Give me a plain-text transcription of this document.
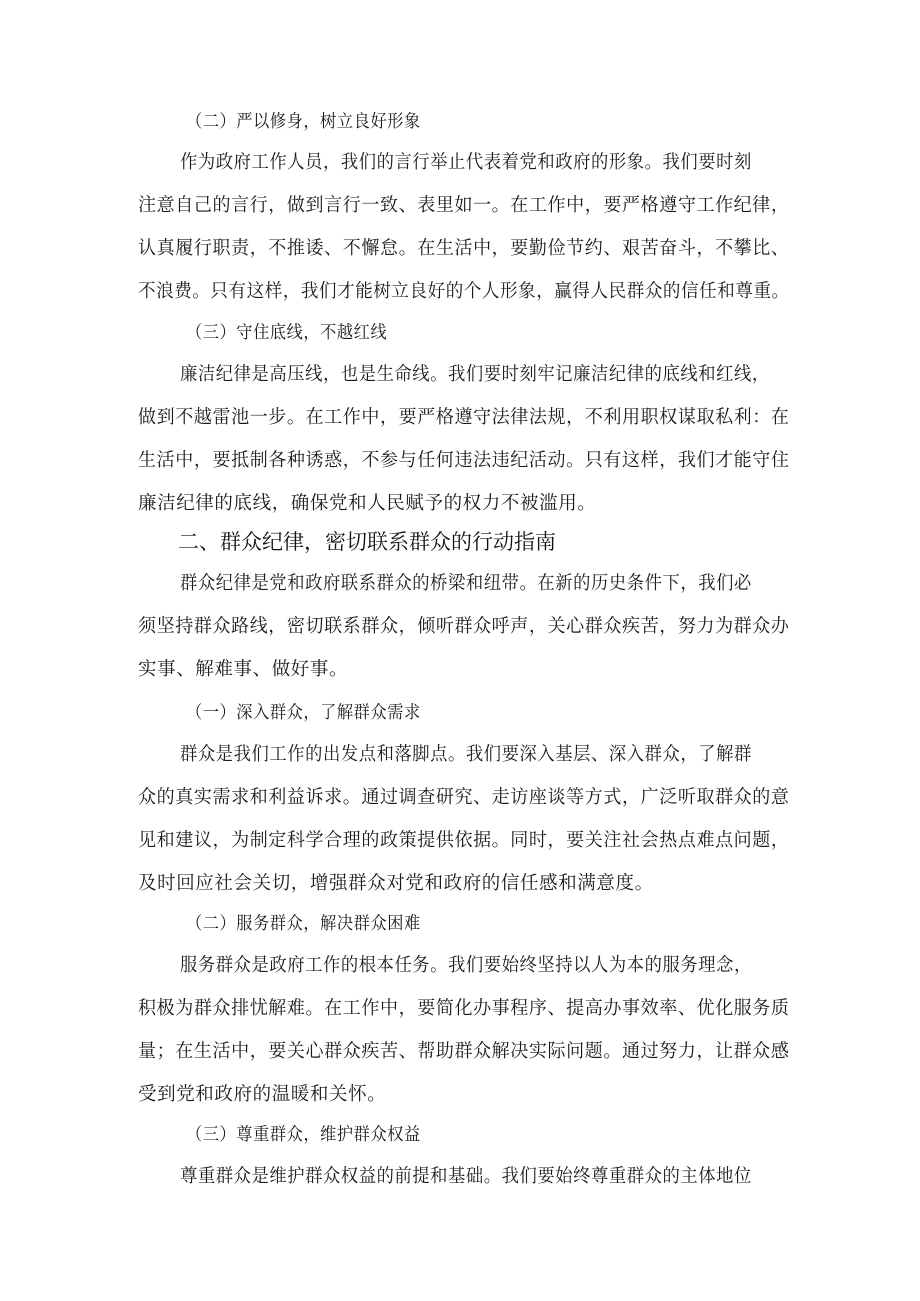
（二）严以修身，树立良好形象
作为政府工作人员，我们的言行举止代表着党和政府的形象。我们要时刻
注意自己的言行，做到言行一致、表里如一。在工作中，要严格遵守工作纪律，
认真履行职责，不推诿、不懈怠。在生活中，要勤俭节约、艰苦奋斗，不攀比、
不浪费。只有这样，我们才能树立良好的个人形象，赢得人民群众的信任和尊重。
（三）守住底线，不越红线
廉洁纪律是高压线，也是生命线。我们要时刻牢记廉洁纪律的底线和红线，
做到不越雷池一步。在工作中，要严格遵守法律法规，不利用职权谋取私利：在
生活中，要抵制各种诱惑，不参与任何违法违纪活动。只有这样，我们才能守住
廉洁纪律的底线，确保党和人民赋予的权力不被滥用。
二、群众纪律，密切联系群众的行动指南
群众纪律是党和政府联系群众的桥梁和纽带。在新的历史条件下，我们必
须坚持群众路线，密切联系群众，倾听群众呼声，关心群众疾苦，努力为群众办
实事、解难事、做好事。
（一）深入群众，了解群众需求
群众是我们工作的出发点和落脚点。我们要深入基层、深入群众，了解群
众的真实需求和利益诉求。通过调查研究、走访座谈等方式，广泛听取群众的意
见和建议，为制定科学合理的政策提供依据。同时，要关注社会热点难点问题，
及时回应社会关切，增强群众对党和政府的信任感和满意度。
（二）服务群众，解决群众困难
服务群众是政府工作的根本任务。我们要始终坚持以人为本的服务理念，
积极为群众排忧解难。在工作中，要简化办事程序、提高办事效率、优化服务质
量；在生活中，要关心群众疾苦、帮助群众解决实际问题。通过努力，让群众感
受到党和政府的温暖和关怀。
（三）尊重群众，维护群众权益
尊重群众是维护群众权益的前提和基础。我们要始终尊重群众的主体地位
